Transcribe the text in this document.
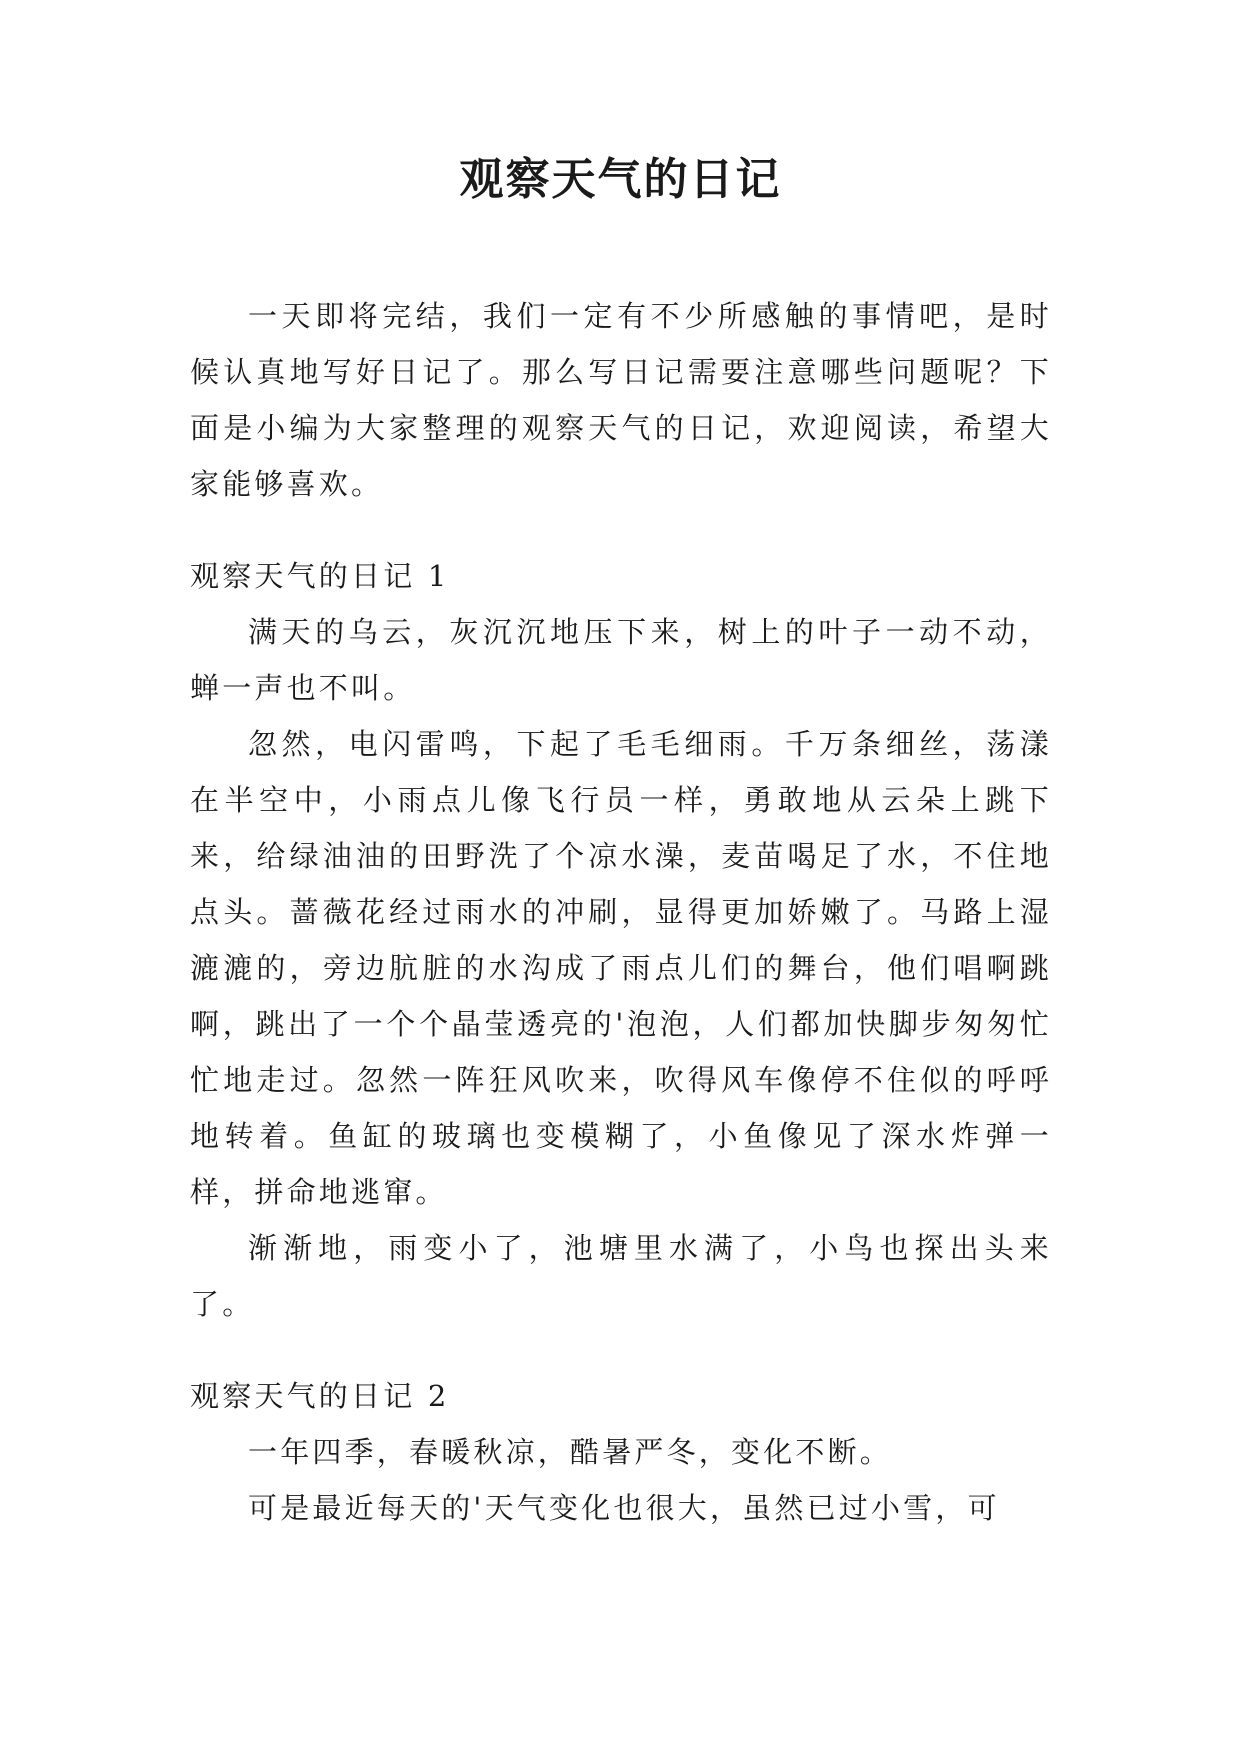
观察天气的日记

一天即将完结，我们一定有不少所感触的事情吧，是时候认真地写好日记了。那么写日记需要注意哪些问题呢？下面是小编为大家整理的观察天气的日记，欢迎阅读，希望大家能够喜欢。

观察天气的日记 1

满天的乌云，灰沉沉地压下来，树上的叶子一动不动，蝉一声也不叫。

忽然，电闪雷鸣，下起了毛毛细雨。千万条细丝，荡漾在半空中，小雨点儿像飞行员一样，勇敢地从云朵上跳下来，给绿油油的田野洗了个凉水澡，麦苗喝足了水，不住地点头。蔷薇花经过雨水的冲刷，显得更加娇嫩了。马路上湿漉漉的，旁边肮脏的水沟成了雨点儿们的舞台，他们唱啊跳啊，跳出了一个个晶莹透亮的'泡泡，人们都加快脚步匆匆忙忙地走过。忽然一阵狂风吹来，吹得风车像停不住似的呼呼地转着。鱼缸的玻璃也变模糊了，小鱼像见了深水炸弹一样，拼命地逃窜。

渐渐地，雨变小了，池塘里水满了，小鸟也探出头来了。

观察天气的日记 2

一年四季，春暖秋凉，酷暑严冬，变化不断。

可是最近每天的'天气变化也很大，虽然已过小雪，可
